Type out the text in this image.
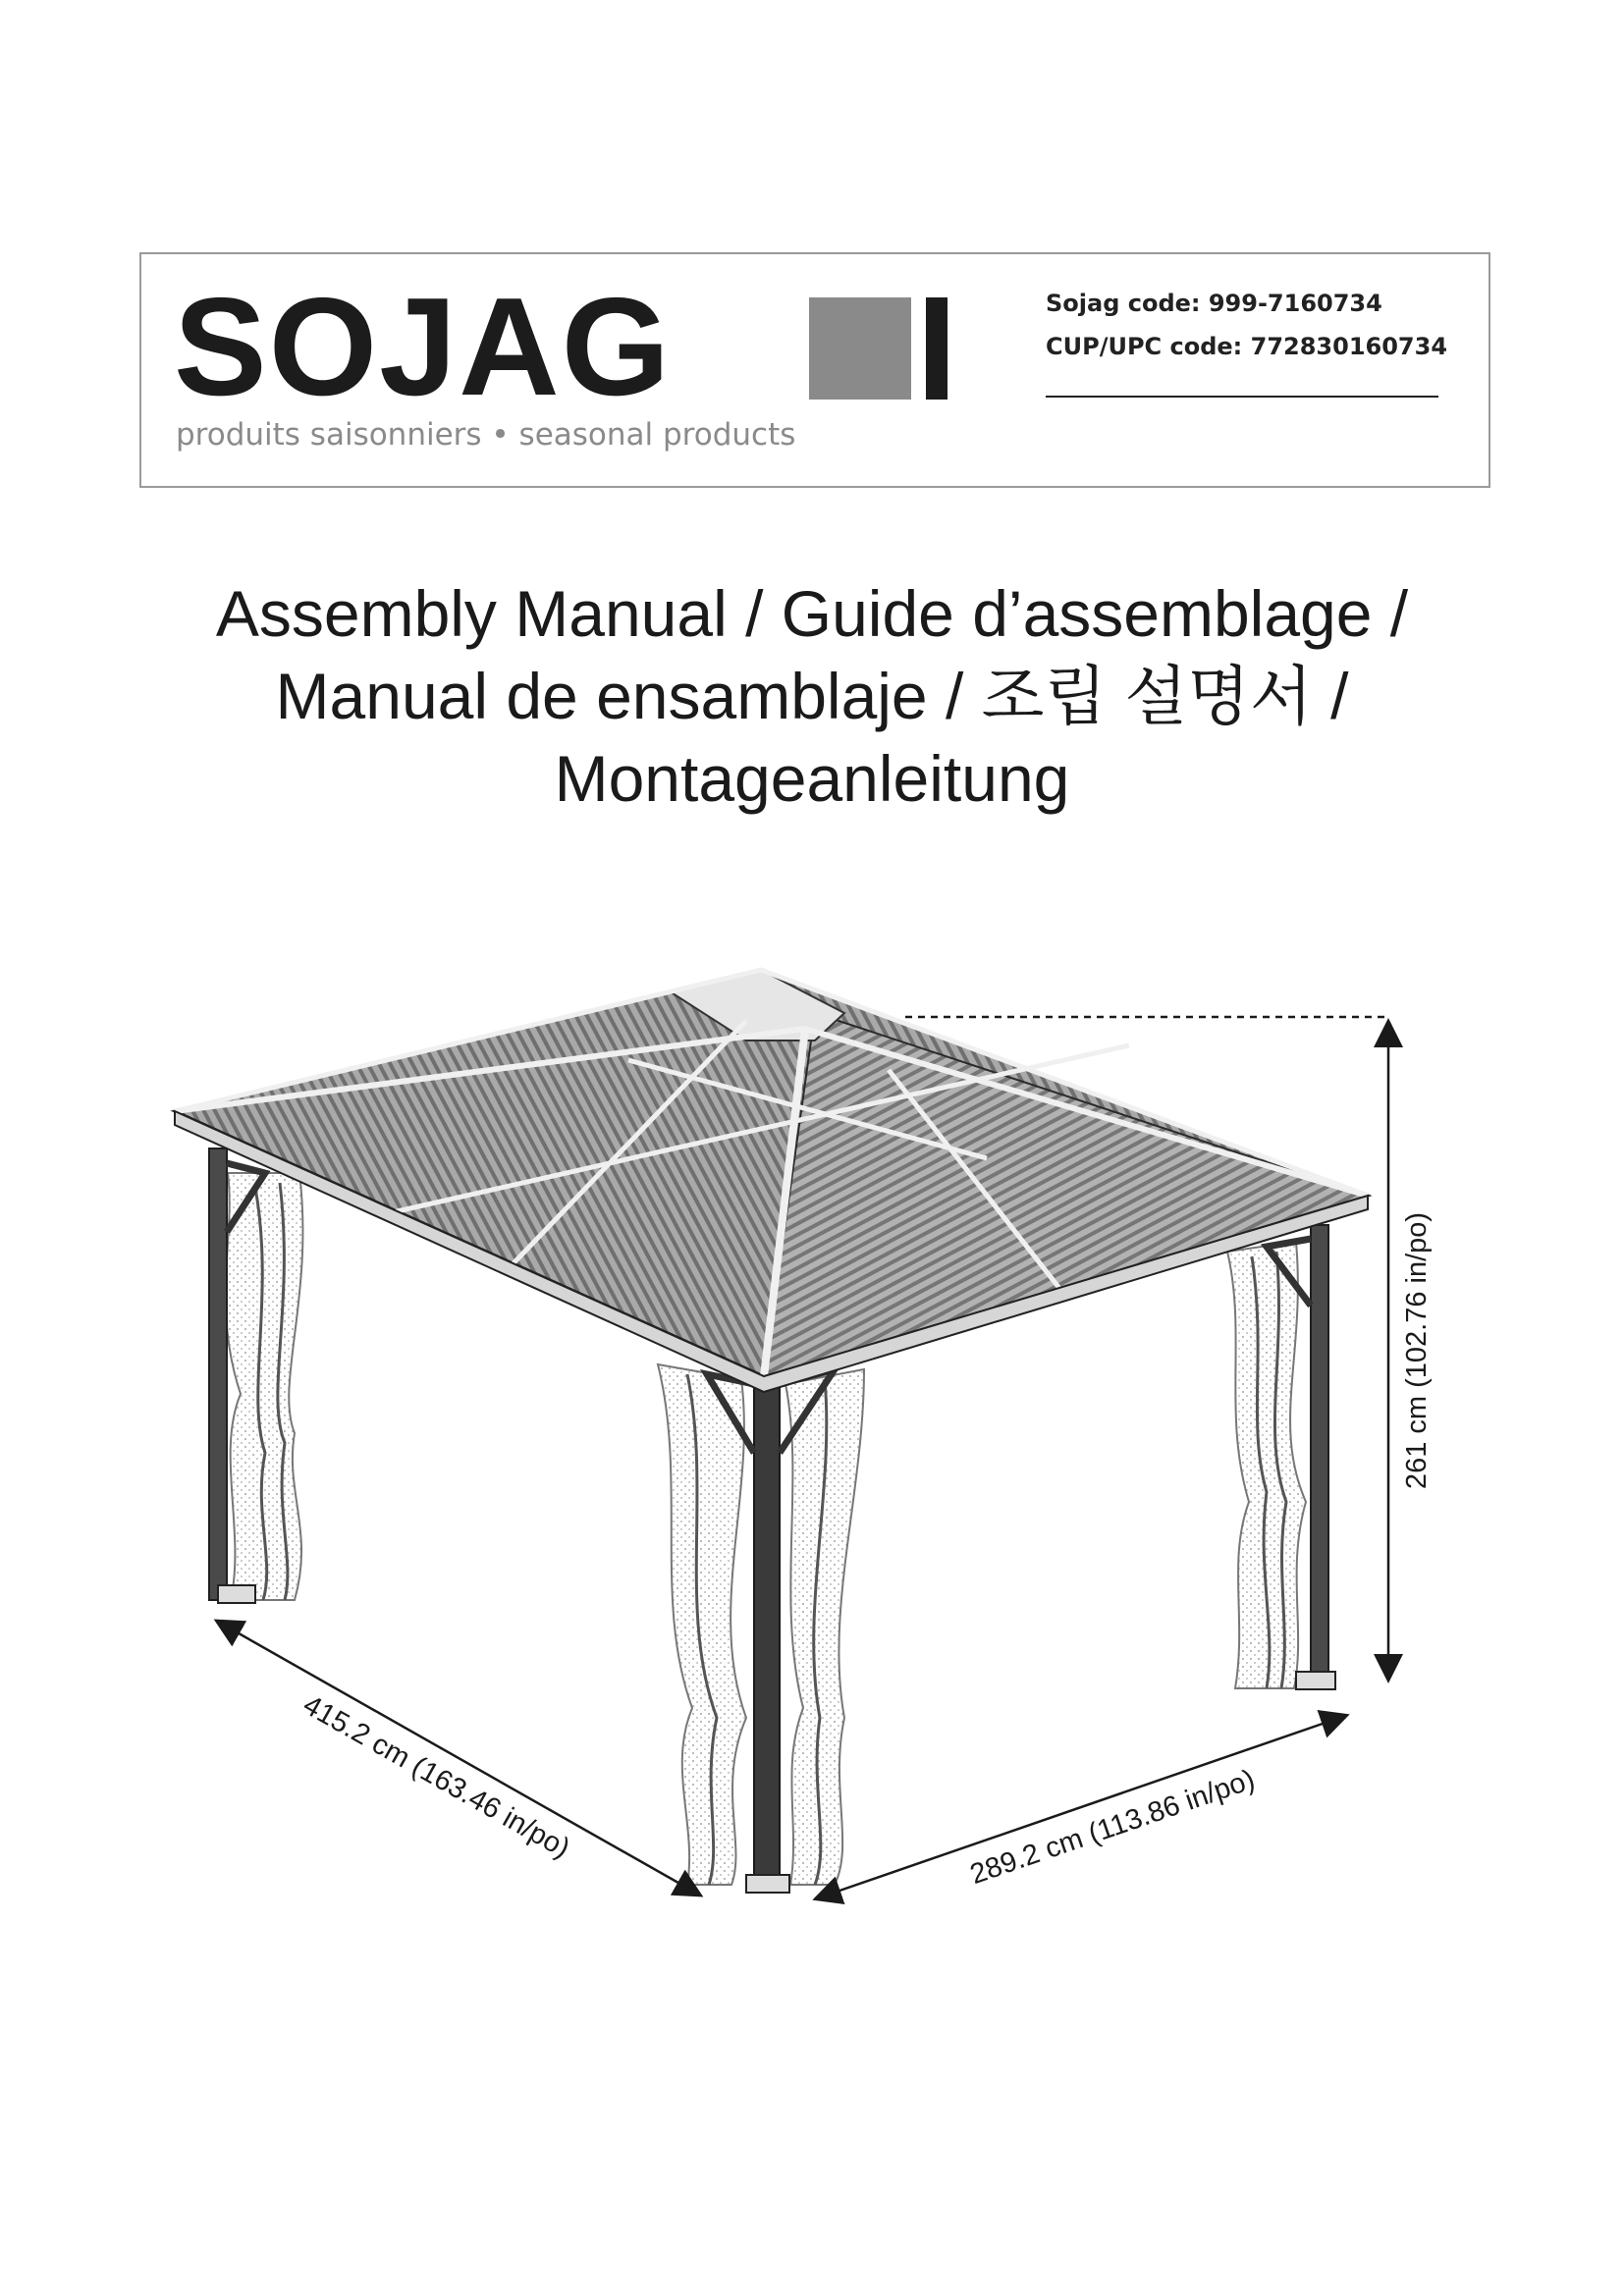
SOJAG
produits saisonniers • seasonal products
Sojag code: 999-7160734
CUP/UPC code: 772830160734
Assembly Manual / Guide d’assemblage /
Manual de ensamblaje / 조립 설명서 /
Montageanleitung
261 cm (102.76 in/po)
415.2 cm (163.46 in/po)	289.2 cm (113.86 in/po)
